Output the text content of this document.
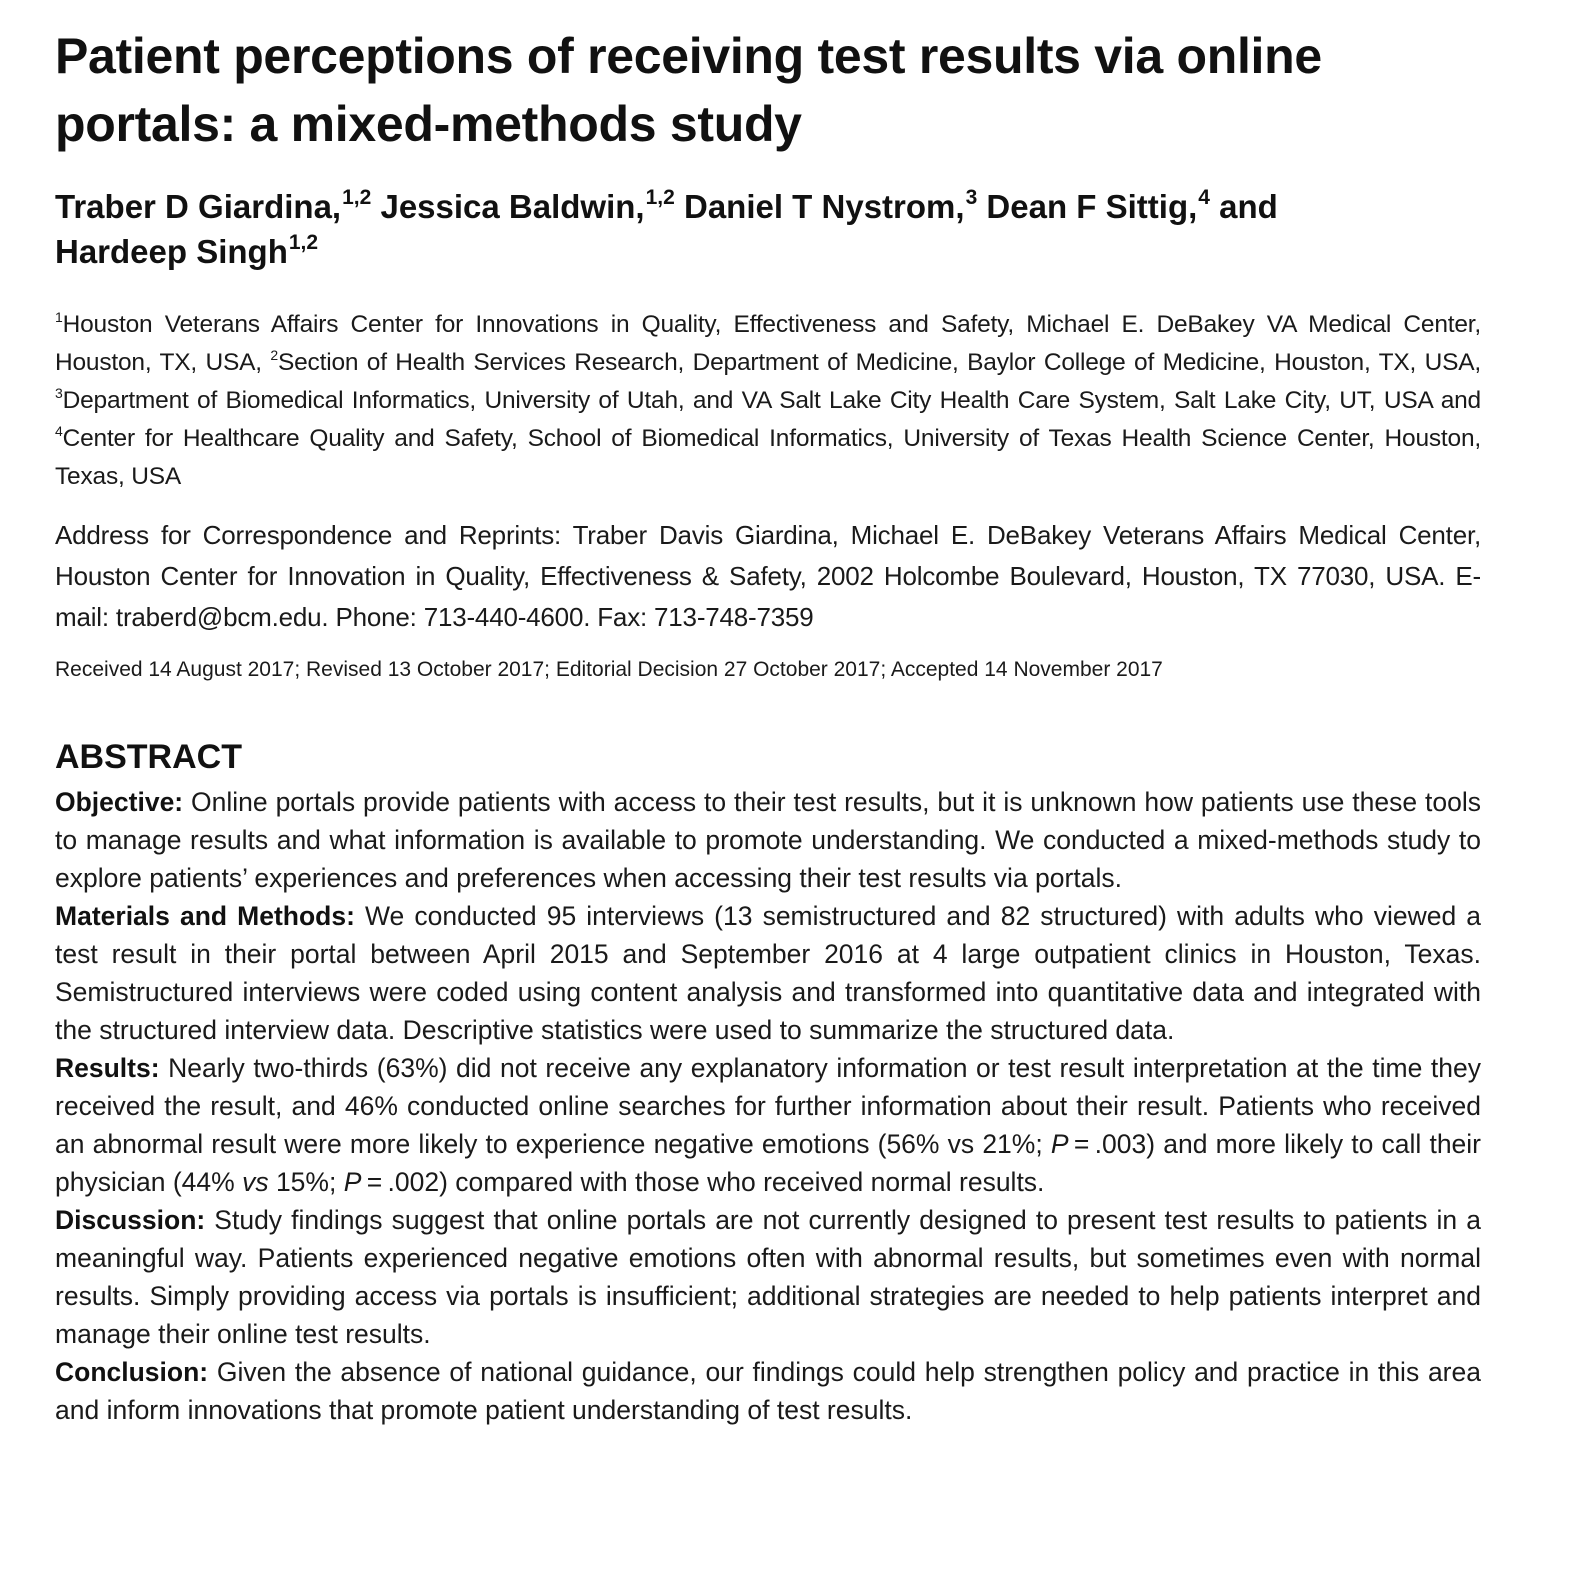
Patient perceptions of receiving test results via online portals: a mixed-methods study
Traber D Giardina,$^{1,2}$ Jessica Baldwin,$^{1,2}$ Daniel T Nystrom,$^3$ Dean F Sittig,$^4$ and
Hardeep Singh$^{1,2}$

$^1$Houston Veterans Affairs Center for Innovations in Quality, Effectiveness and Safety, Michael E. DeBakey VA Medical Center, Houston, TX, USA, $^2$Section of Health Services Research, Department of Medicine, Baylor College of Medicine, Houston, TX, USA, $^3$Department of Biomedical Informatics, University of Utah, and VA Salt Lake City Health Care System, Salt Lake City, UT, USA and $^4$Center for Healthcare Quality and Safety, School of Biomedical Informatics, University of Texas Health Science Center, Houston, Texas, USA

Address for Correspondence and Reprints: Traber Davis Giardina, Michael E. DeBakey Veterans Affairs Medical Center, Houston Center for Innovation in Quality, Effectiveness & Safety, 2002 Holcombe Boulevard, Houston, TX 77030, USA. E-mail: traberd@bcm.edu. Phone: 713-440-4600. Fax: 713-748-7359

Received 14 August 2017; Revised 13 October 2017; Editorial Decision 27 October 2017; Accepted 14 November 2017

ABSTRACT

Objective: Online portals provide patients with access to their test results, but it is unknown how patients use these tools to manage results and what information is available to promote understanding. We conducted a mixed-methods study to explore patients’ experiences and preferences when accessing their test results via portals.

Materials and Methods: We conducted 95 interviews (13 semistructured and 82 structured) with adults who viewed a test result in their portal between April 2015 and September 2016 at 4 large outpatient clinics in Houston, Texas. Semistructured interviews were coded using content analysis and transformed into quantitative data and integrated with the structured interview data. Descriptive statistics were used to summarize the structured data.

Results: Nearly two-thirds (63%) did not receive any explanatory information or test result interpretation at the time they received the result, and 46% conducted online searches for further information about their result. Patients who received an abnormal result were more likely to experience negative emotions (56% vs 21%; P = .003) and more likely to call their physician (44% vs 15%; P = .002) compared with those who received normal results.

Discussion: Study findings suggest that online portals are not currently designed to present test results to patients in a meaningful way. Patients experienced negative emotions often with abnormal results, but sometimes even with normal results. Simply providing access via portals is insufficient; additional strategies are needed to help patients interpret and manage their online test results.

Conclusion: Given the absence of national guidance, our findings could help strengthen policy and practice in this area and inform innovations that promote patient understanding of test results.
